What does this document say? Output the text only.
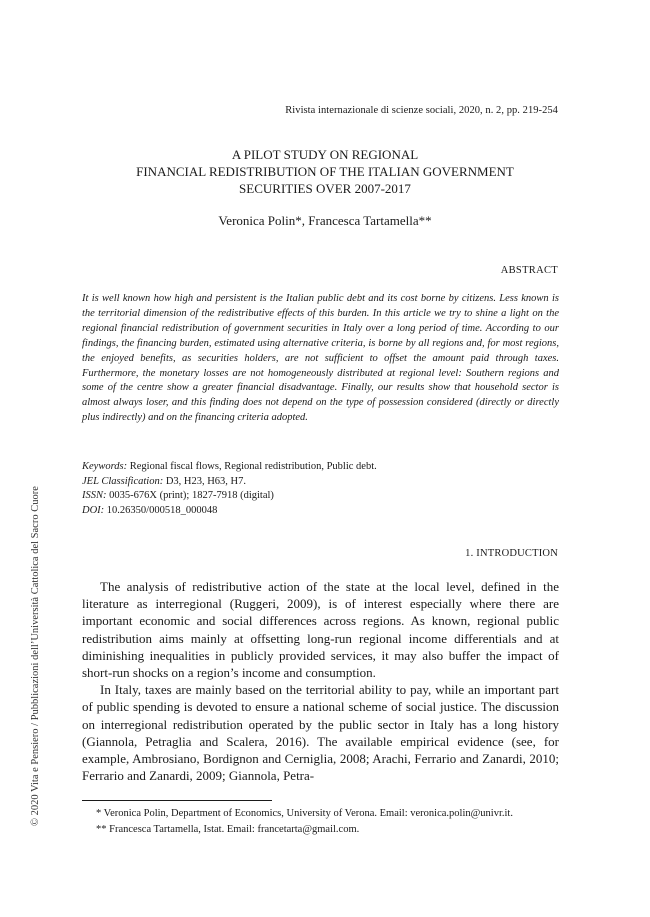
Rivista internazionale di scienze sociali, 2020, n. 2, pp. 219-254
A PILOT STUDY ON REGIONAL
FINANCIAL REDISTRIBUTION OF THE ITALIAN GOVERNMENT
SECURITIES OVER 2007-2017
Veronica Polin*, Francesca Tartamella**
ABSTRACT
It is well known how high and persistent is the Italian public debt and its cost borne by citizens. Less known is the territorial dimension of the redistributive effects of this burden. In this article we try to shine a light on the regional financial redistribution of government securities in Italy over a long period of time. According to our findings, the financing burden, estimated using alternative criteria, is borne by all regions and, for most regions, the enjoyed benefits, as securities holders, are not sufficient to offset the amount paid through taxes. Furthermore, the monetary losses are not homogeneously distributed at regional level: Southern regions and some of the centre show a greater financial disadvantage. Finally, our results show that household sector is almost always loser, and this finding does not depend on the type of possession considered (directly or directly plus indirectly) and on the financing criteria adopted.
Keywords: Regional fiscal flows, Regional redistribution, Public debt.
JEL Classification: D3, H23, H63, H7.
ISSN: 0035-676X (print); 1827-7918 (digital)
DOI: 10.26350/000518_000048
1. INTRODUCTION

The analysis of redistributive action of the state at the local level, defined in the literature as interregional (Ruggeri, 2009), is of interest especially where there are important economic and social differences across regions. As known, regional public redistribution aims mainly at offsetting long-run regional income differentials and at diminishing inequalities in publicly provided services, it may also buffer the impact of short-run shocks on a region’s income and consumption.

In Italy, taxes are mainly based on the territorial ability to pay, while an important part of public spending is devoted to ensure a national scheme of social justice. The discussion on interregional redistribution operated by the public sector in Italy has a long history (Giannola, Petraglia and Scalera, 2016). The available empirical evidence (see, for example, Ambrosiano, Bordignon and Cerniglia, 2008; Arachi, Ferrario and Zanardi, 2010; Ferrario and Zanardi, 2009; Giannola, Petra-

* Veronica Polin, Department of Economics, University of Verona. Email: veronica.polin@univr.it.

** Francesca Tartamella, Istat. Email: francetarta@gmail.com.

© 2020 Vita e Pensiero / Pubblicazioni dell’Università Cattolica del Sacro Cuore
